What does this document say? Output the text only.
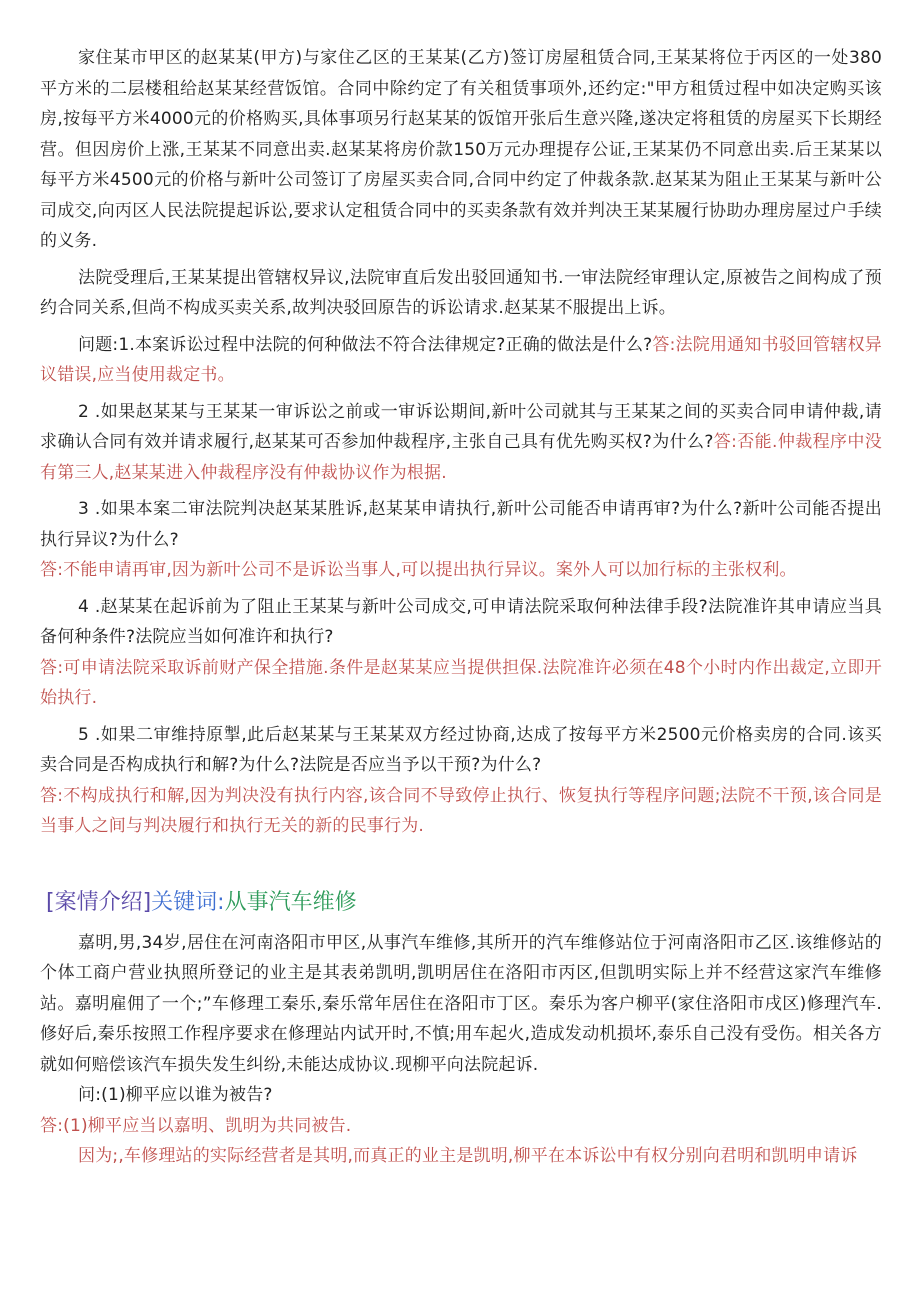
家住某市甲区的赵某某(甲方)与家住乙区的王某某(乙方)签订房屋租赁合同,王某某将位于丙区的一处380平方米的二层楼租给赵某某经营饭馆。合同中除约定了有关租赁事项外,还约定:"甲方租赁过程中如决定购买该房,按每平方米4000元的价格购买,具体事项另行赵某某的饭馆开张后生意兴隆,遂决定将租赁的房屋买下长期经营。但因房价上涨,王某某不同意出卖.赵某某将房价款150万元办理提存公证,王某某仍不同意出卖.后王某某以每平方米4500元的价格与新叶公司签订了房屋买卖合同,合同中约定了仲裁条款.赵某某为阻止王某某与新叶公司成交,向丙区人民法院提起诉讼,要求认定租赁合同中的买卖条款有效并判决王某某履行协助办理房屋过户手续的义务.

法院受理后,王某某提出管辖权异议,法院审直后发出驳回通知书.一审法院经审理认定,原被告之间构成了预约合同关系,但尚不构成买卖关系,故判决驳回原告的诉讼请求.赵某某不服提出上诉。

问题:1.本案诉讼过程中法院的何种做法不符合法律规定?正确的做法是什么?答:法院用通知书驳回管辖权异议错误,应当使用裁定书。

2 .如果赵某某与王某某一审诉讼之前或一审诉讼期间,新叶公司就其与王某某之间的买卖合同申请仲裁,请求确认合同有效并请求履行,赵某某可否参加仲裁程序,主张自己具有优先购买权?为什么?答:否能.仲裁程序中没有第三人,赵某某进入仲裁程序没有仲裁协议作为根据.

3 .如果本案二审法院判决赵某某胜诉,赵某某申请执行,新叶公司能否申请再审?为什么?新叶公司能否提出执行异议?为什么?

答:不能申请再审,因为新叶公司不是诉讼当事人,可以提出执行异议。案外人可以加行标的主张权利。

4 .赵某某在起诉前为了阻止王某某与新叶公司成交,可申请法院采取何种法律手段?法院准许其申请应当具备何种条件?法院应当如何准许和执行?

答:可申请法院采取诉前财产保全措施.条件是赵某某应当提供担保.法院准许必须在48个小时内作出裁定,立即开始执行.

5 .如果二审维持原掣,此后赵某某与王某某双方经过协商,达成了按每平方米2500元价格卖房的合同.该买卖合同是否构成执行和解?为什么?法院是否应当予以干预?为什么?

答:不构成执行和解,因为判决没有执行内容,该合同不导致停止执行、恢复执行等程序问题;法院不干预,该合同是当事人之间与判决履行和执行无关的新的民事行为.

[案情介绍]关键词:从事汽车维修

嘉明,男,34岁,居住在河南洛阳市甲区,从事汽车维修,其所开的汽车维修站位于河南洛阳市乙区.该维修站的个体工商户营业执照所登记的业主是其表弟凯明,凯明居住在洛阳市丙区,但凯明实际上并不经营这家汽车维修站。嘉明雇佣了一个;”车修理工秦乐,秦乐常年居住在洛阳市丁区。秦乐为客户柳平(家住洛阳市戌区)修理汽车.修好后,秦乐按照工作程序要求在修理站内试开时,不慎;用车起火,造成发动机损坏,泰乐自己没有受伤。相关各方就如何赔偿该汽车损失发生纠纷,未能达成协议.现柳平向法院起诉.

问:(1)柳平应以谁为被告?

答:(1)柳平应当以嘉明、凯明为共同被告.

因为;,车修理站的实际经营者是其明,而真正的业主是凯明,柳平在本诉讼中有权分别向君明和凯明申请诉
